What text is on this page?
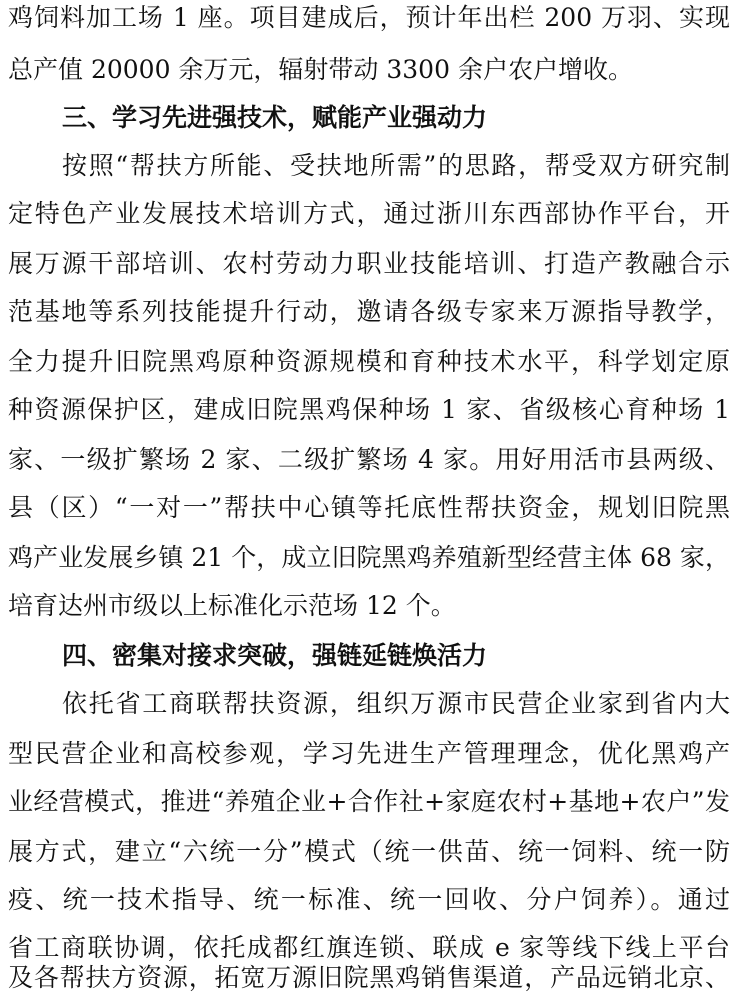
鸡饲料加工场 1 座。项目建成后，预计年出栏 200 万羽、实现
总产值 20000 余万元，辐射带动 3300 余户农户增收。
三、学习先进强技术，赋能产业强动力
按照“帮扶方所能、受扶地所需”的思路，帮受双方研究制
定特色产业发展技术培训方式，通过浙川东西部协作平台，开
展万源干部培训、农村劳动力职业技能培训、打造产教融合示
范基地等系列技能提升行动，邀请各级专家来万源指导教学，
全力提升旧院黑鸡原种资源规模和育种技术水平，科学划定原
种资源保护区，建成旧院黑鸡保种场 1 家、省级核心育种场 1
家、一级扩繁场 2 家、二级扩繁场 4 家。用好用活市县两级、
县（区）“一对一”帮扶中心镇等托底性帮扶资金，规划旧院黑
鸡产业发展乡镇 21 个，成立旧院黑鸡养殖新型经营主体 68 家，
培育达州市级以上标准化示范场 12 个。
四、密集对接求突破，强链延链焕活力
依托省工商联帮扶资源，组织万源市民营企业家到省内大
型民营企业和高校参观，学习先进生产管理理念，优化黑鸡产
业经营模式，推进“养殖企业+合作社+家庭农村+基地+农户”发
展方式，建立“六统一分”模式（统一供苗、统一饲料、统一防
疫、统一技术指导、统一标准、统一回收、分户饲养）。通过
省工商联协调，依托成都红旗连锁、联成 e 家等线下线上平台
及各帮扶方资源，拓宽万源旧院黑鸡销售渠道，产品远销北京、
